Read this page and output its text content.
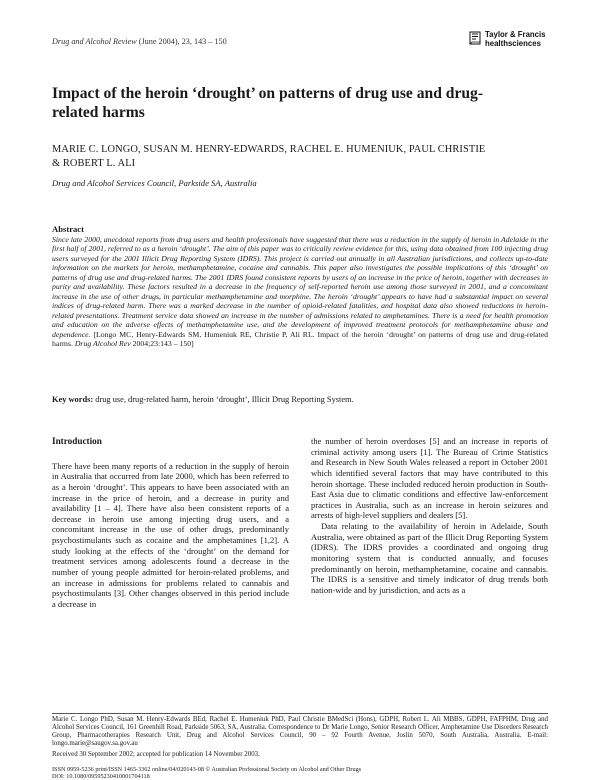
Drug and Alcohol Review (June 2004), 23, 143 – 150
Taylor & Francis
healthsciences
Impact of the heroin ‘drought’ on patterns of drug use and drug-related harms
MARIE C. LONGO, SUSAN M. HENRY-EDWARDS, RACHEL E. HUMENIUK, PAUL CHRISTIE & ROBERT L. ALI
Drug and Alcohol Services Council, Parkside SA, Australia
Abstract
Since late 2000, anecdotal reports from drug users and health professionals have suggested that there was a reduction in the supply of heroin in Adelaide in the first half of 2001, referred to as a heroin ‘drought’. The aim of this paper was to critically review evidence for this, using data obtained from 100 injecting drug users surveyed for the 2001 Illicit Drug Reporting System (IDRS). This project is carried out annually in all Australian jurisdictions, and collects up-to-date information on the markets for heroin, methamphetamine, cocaine and cannabis. This paper also investigates the possible implications of this ‘drought’ on patterns of drug use and drug-related harms. The 2001 IDRS found consistent reports by users of an increase in the price of heroin, together with decreases in purity and availability. These factors resulted in a decrease in the frequency of self-reported heroin use among those surveyed in 2001, and a concomitant increase in the use of other drugs, in particular methamphetamine and morphine. The heroin ‘drought’ appears to have had a substantial impact on several indices of drug-related harm. There was a marked decrease in the number of opioid-related fatalities, and hospital data also showed reductions in heroin-related presentations. Treatment service data showed an increase in the number of admissions related to amphetamines. There is a need for health promotion and education on the adverse effects of methamphetamine use, and the development of improved treatment protocols for methamphetamine abuse and dependence. [Longo MC, Henry-Edwards SM, Humeniuk RE, Christie P, Ali RL. Impact of the heroin ‘drought’ on patterns of drug use and drug-related harms. Drug Alcohol Rev 2004;23:143 – 150]
Key words: drug use, drug-related harm, heroin ‘drought’, Illicit Drug Reporting System.
Introduction

There have been many reports of a reduction in the supply of heroin in Australia that occurred from late 2000, which has been referred to as a heroin ‘drought’. This appears to have been associated with an increase in the price of heroin, and a decrease in purity and availability [1 – 4]. There have also been consistent reports of a decrease in heroin use among injecting drug users, and a concomitant increase in the use of other drugs, predominantly psychostimulants such as cocaine and the amphetamines [1,2]. A study looking at the effects of the ‘drought’ on the demand for treatment services among adolescents found a decrease in the number of young people admitted for heroin-related problems, and an increase in admissions for problems related to cannabis and psychostimulants [3]. Other changes observed in this period include a decrease in

the number of heroin overdoses [5] and an increase in reports of criminal activity among users [1]. The Bureau of Crime Statistics and Research in New South Wales released a report in October 2001 which identified several factors that may have contributed to this heroin shortage. These included reduced heroin production in South-East Asia due to climatic conditions and effective law-enforcement practices in Australia, such as an increase in heroin seizures and arrests of high-level suppliers and dealers [5].

Data relating to the availability of heroin in Adelaide, South Australia, were obtained as part of the Illicit Drug Reporting System (IDRS). The IDRS provides a coordinated and ongoing drug monitoring system that is conducted annually, and focuses predominantly on heroin, methamphetamine, cocaine and cannabis. The IDRS is a sensitive and timely indicator of drug trends both nation-wide and by jurisdiction, and acts as a

Marie C. Longo PhD, Susan M. Henry-Edwards BEd, Rachel E. Humeniuk PhD, Paul Christie BMedSci (Hons), GDPH, Robert L. Ali MBBS, GDPH, FAFPHM, Drug and Alcohol Services Council, 161 Greenhill Road, Parkside 5063, SA, Australia. Correspondence to Dr Marie Longo, Senior Research Officer, Amphetamine Use Disorders Research Group, Pharmacotherapies Research Unit, Drug and Alcohol Services Council, 90 – 92 Fourth Avenue, Joslin 5070, South Australia, Australia. E-mail: longo.marie@saugov.sa.gov.au
Received 30 September 2002; accepted for publication 14 November 2003.
ISSN 0959-5236 print/ISSN 1465-3362 online/04/020143-08 © Australian Professional Society on Alcohol and Other Drugs
DOI: 10.1080/09595230410001704118
